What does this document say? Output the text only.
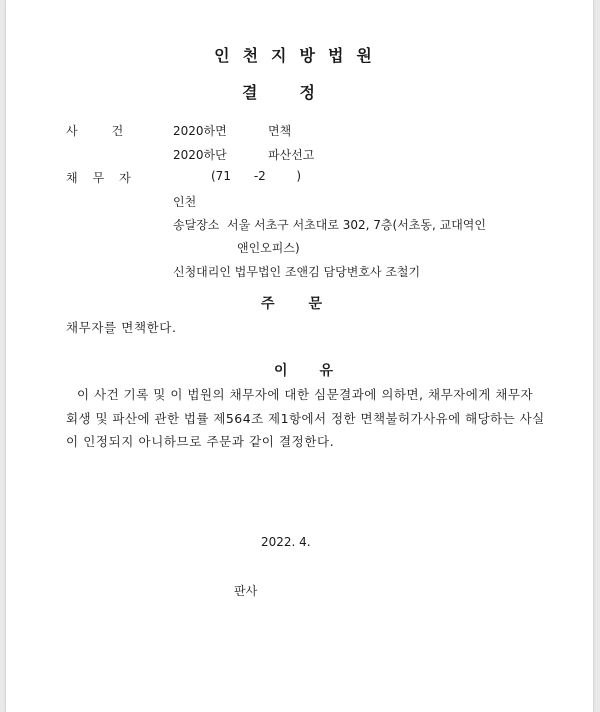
인천지방법원
결정
사건 2020하면	면책
2020하단	파산선고
채무자	(71      -2        )
인천
송달장소  서울 서초구 서초대로 302, 7층(서초동, 교대역인
앤인오피스)
신청대리인 법무법인 조앤김 담당변호사 조철기
주문
채무자를 면책한다.
이유
이 사건 기록 및 이 법원의 채무자에 대한 심문결과에 의하면, 채무자에게 채무자
회생 및 파산에 관한 법률 제564조 제1항에서 정한 면책불허가사유에 해당하는 사실
이 인정되지 아니하므로 주문과 같이 결정한다.
2022. 4.
판사
